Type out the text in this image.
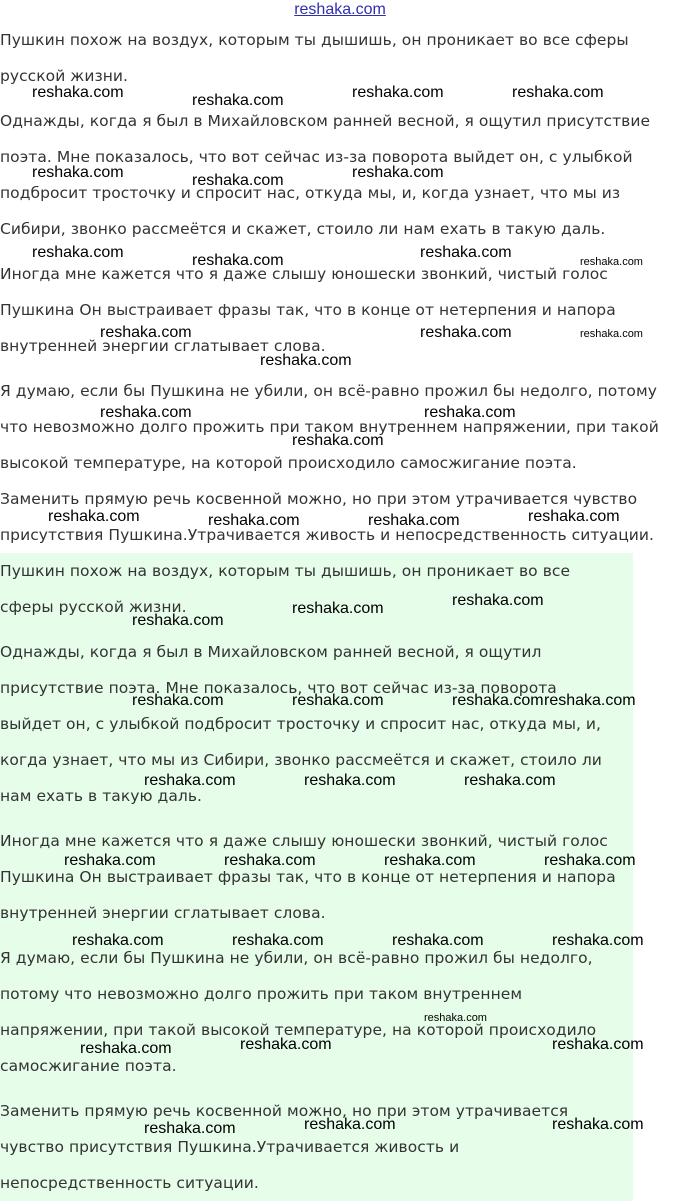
reshaka.com
Пушкин похож на воздух, которым ты дышишь, он проникает во все сферы
русской жизни.
Однажды, когда я был в Михайловском ранней весной, я ощутил присутствие
поэта. Мне показалось, что вот сейчас из-за поворота выйдет он, с улыбкой
подбросит тросточку и спросит нас, откуда мы, и, когда узнает, что мы из
Сибири, звонко рассмеётся и скажет, стоило ли нам ехать в такую даль.
Иногда мне кажется что я даже слышу юношески звонкий, чистый голос
Пушкина Он выстраивает фразы так, что в конце от нетерпения и напора
внутренней энергии сглатывает слова.
Я думаю, если бы Пушкина не убили, он всё-равно прожил бы недолго, потому
что невозможно долго прожить при таком внутреннем напряжении, при такой
высокой температуре, на которой происходило самосжигание поэта.
Заменить прямую речь косвенной можно, но при этом утрачивается чувство
присутствия Пушкина.Утрачивается живость и непосредственность ситуации.
Пушкин похож на воздух, которым ты дышишь, он проникает во все
сферы русской жизни.
Однажды, когда я был в Михайловском ранней весной, я ощутил
присутствие поэта. Мне показалось, что вот сейчас из-за поворота
выйдет он, с улыбкой подбросит тросточку и спросит нас, откуда мы, и,
когда узнает, что мы из Сибири, звонко рассмеётся и скажет, стоило ли
нам ехать в такую даль.
Иногда мне кажется что я даже слышу юношески звонкий, чистый голос
Пушкина Он выстраивает фразы так, что в конце от нетерпения и напора
внутренней энергии сглатывает слова.
Я думаю, если бы Пушкина не убили, он всё-равно прожил бы недолго,
потому что невозможно долго прожить при таком внутреннем
напряжении, при такой высокой температуре, на которой происходило
самосжигание поэта.
Заменить прямую речь косвенной можно, но при этом утрачивается
чувство присутствия Пушкина.Утрачивается живость и
непосредственность ситуации.
reshaka.com	reshaka.com	reshaka.com	reshaka.com
reshaka.com	reshaka.com	reshaka.com
reshaka.com	reshaka.com	reshaka.com
reshaka.com
reshaka.com	reshaka.com	reshaka.com
reshaka.com
reshaka.com	reshaka.com
reshaka.com
reshaka.com	reshaka.com	reshaka.com	reshaka.com
reshaka.com	reshaka.com
reshaka.com
reshaka.com	reshaka.com	reshaka.com reshaka.com
reshaka.com	reshaka.com	reshaka.com
reshaka.com	reshaka.com	reshaka.com	reshaka.com
reshaka.com	reshaka.com	reshaka.com	reshaka.com
reshaka.com
reshaka.com	reshaka.com	reshaka.com
reshaka.com	reshaka.com	reshaka.com
